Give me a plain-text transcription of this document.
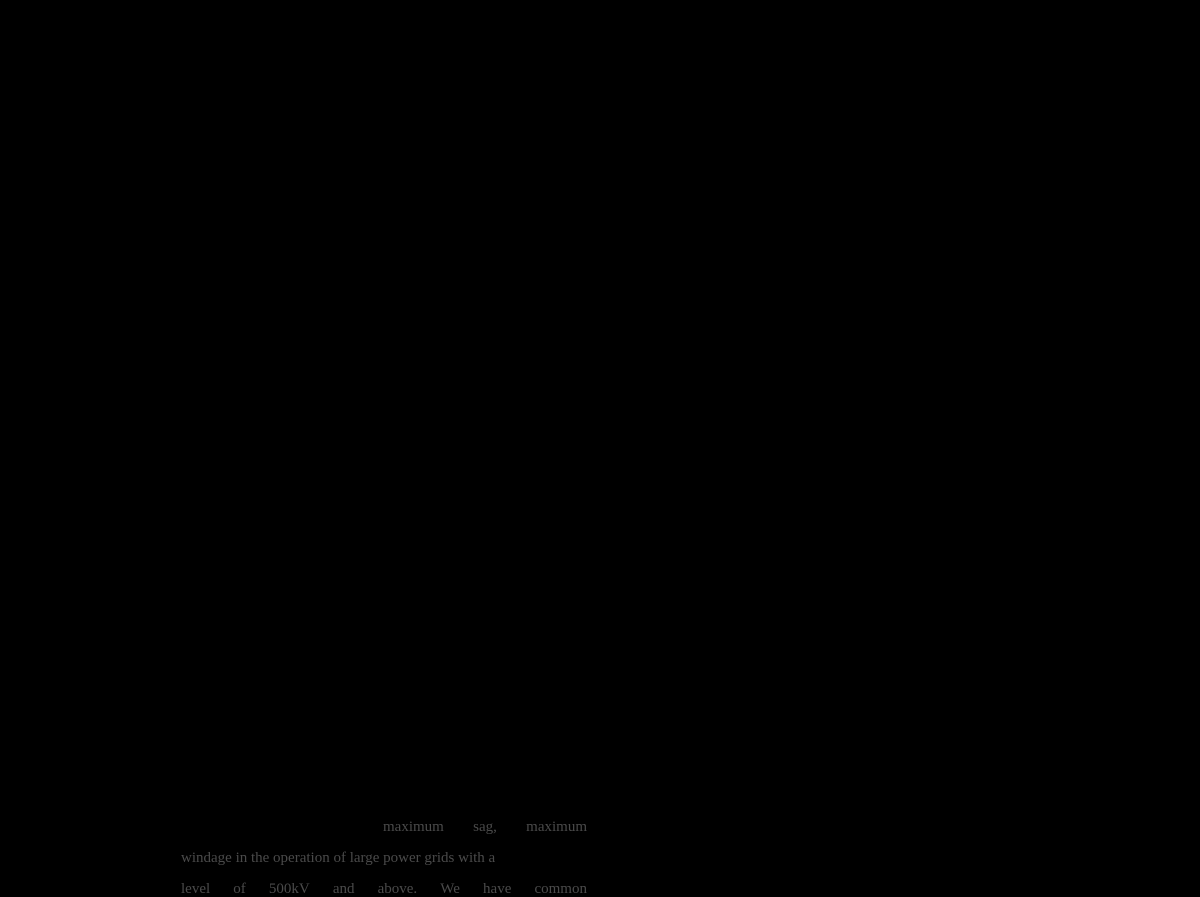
maximum sag, maximum
windage in the operation of large power grids with a
level of 500kV and above. We have common
